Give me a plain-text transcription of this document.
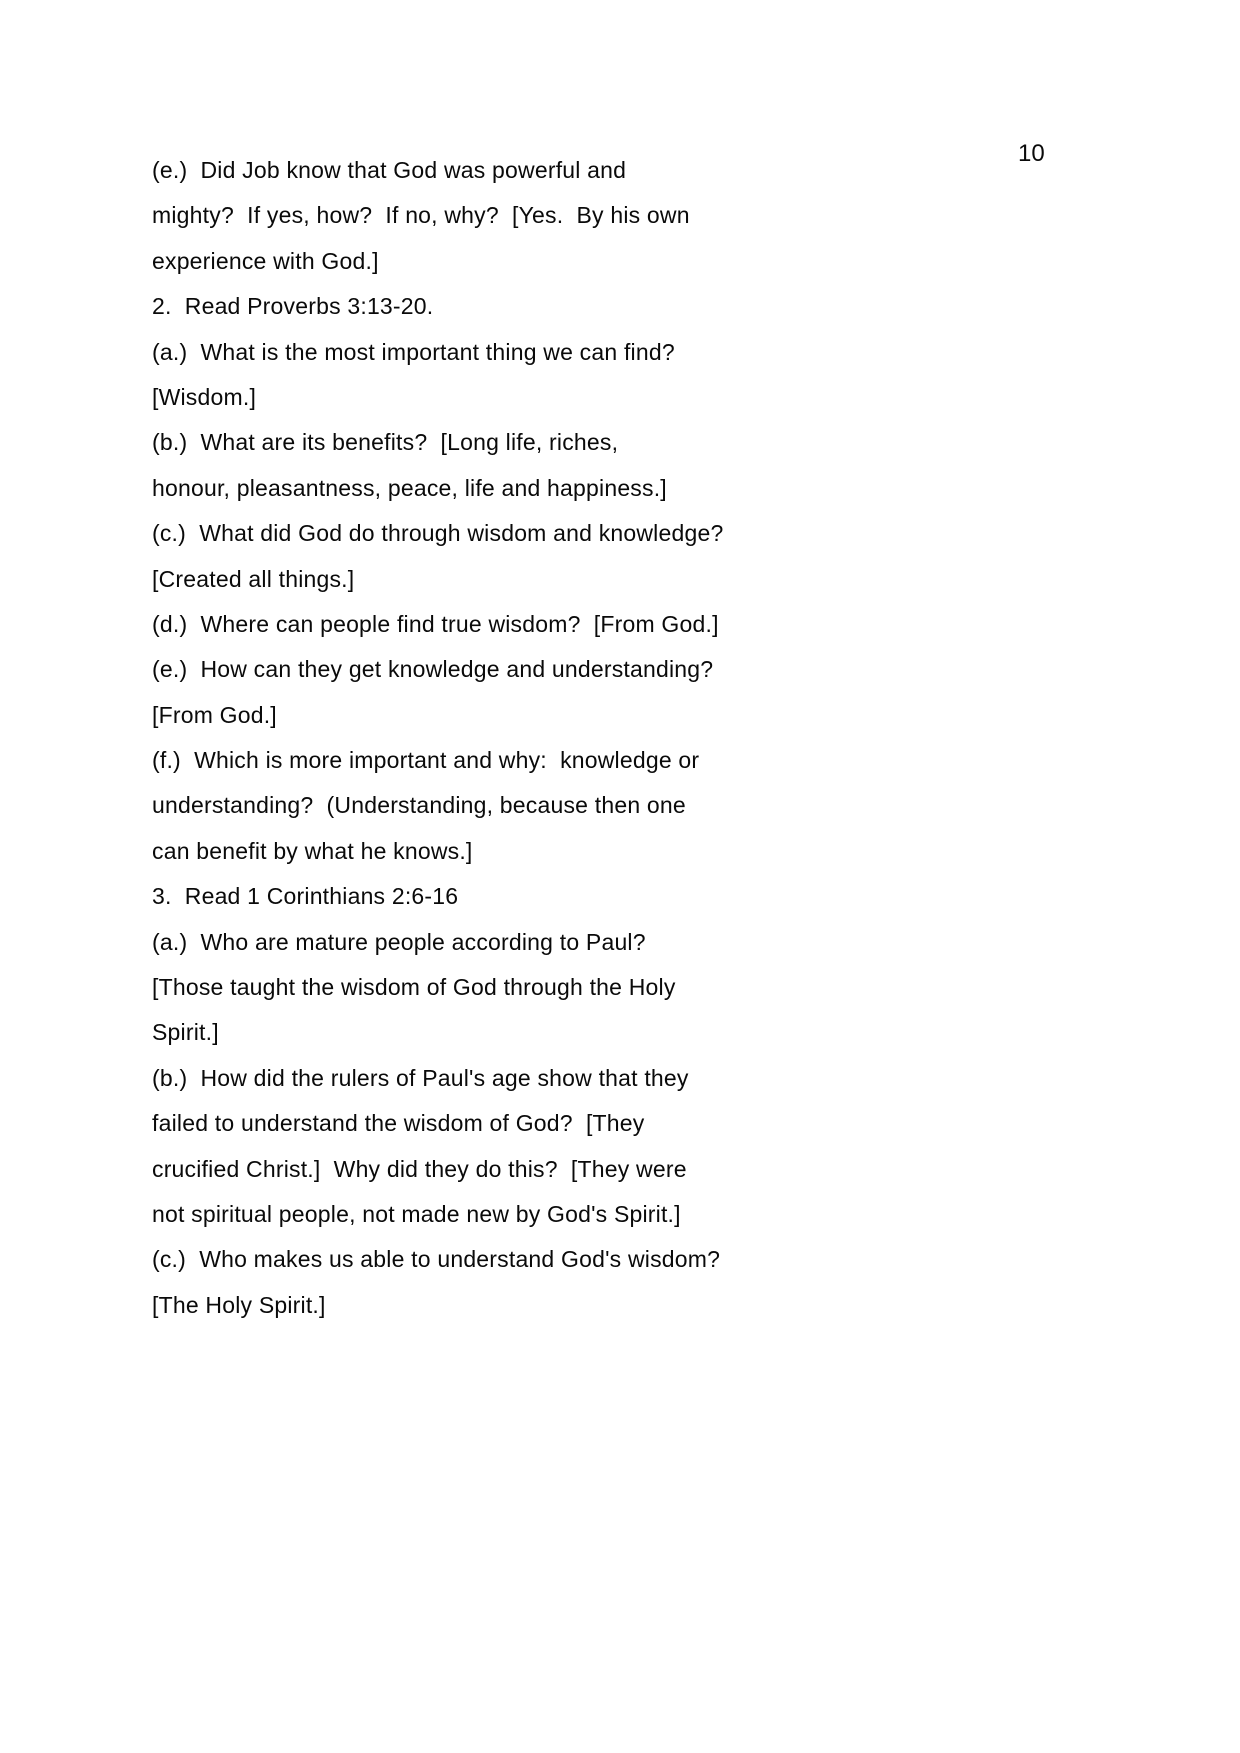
10
(e.)  Did Job know that God was powerful and
mighty?  If yes, how?  If no, why?  [Yes.  By his own
experience with God.]
2.  Read Proverbs 3:13-20.
(a.)  What is the most important thing we can find?
[Wisdom.]
(b.)  What are its benefits?  [Long life, riches,
honour, pleasantness, peace, life and happiness.]
(c.)  What did God do through wisdom and knowledge?
[Created all things.]
(d.)  Where can people find true wisdom?  [From God.]
(e.)  How can they get knowledge and understanding?
[From God.]
(f.)  Which is more important and why:  knowledge or
understanding?  (Understanding, because then one
can benefit by what he knows.]
3.  Read 1 Corinthians 2:6-16
(a.)  Who are mature people according to Paul?
[Those taught the wisdom of God through the Holy
Spirit.]
(b.)  How did the rulers of Paul's age show that they
failed to understand the wisdom of God?  [They
crucified Christ.]  Why did they do this?  [They were
not spiritual people, not made new by God's Spirit.]
(c.)  Who makes us able to understand God's wisdom?
[The Holy Spirit.]
